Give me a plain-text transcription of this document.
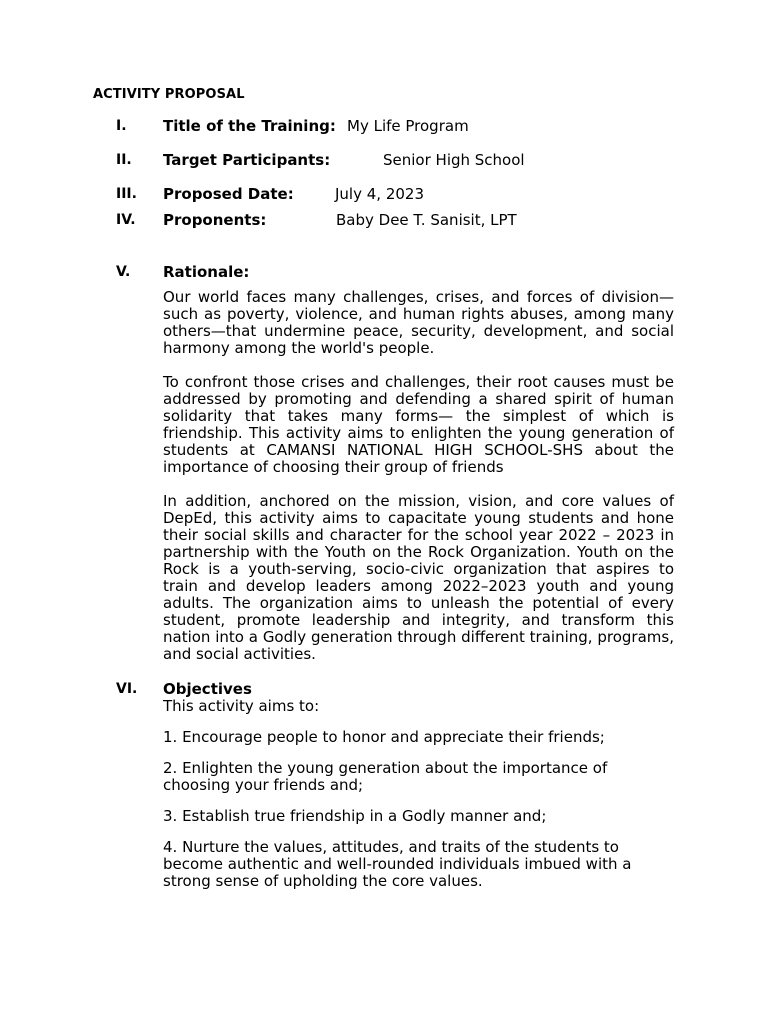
ACTIVITY PROPOSAL
I. Title of the Training: My Life Program
II. Target Participants:	Senior High School
III. Proposed Date:	July 4, 2023
IV. Proponents:	Baby Dee T. Sanisit, LPT
V. Rationale:

Our world faces many challenges, crises, and forces of division—such as poverty, violence, and human rights abuses, among many others—that undermine peace, security, development, and social harmony among the world's people.

To confront those crises and challenges, their root causes must be addressed by promoting and defending a shared spirit of human solidarity that takes many forms— the simplest of which is friendship. This activity aims to enlighten the young generation of students at CAMANSI NATIONAL HIGH SCHOOL-SHS about the importance of choosing their group of friends

In addition, anchored on the mission, vision, and core values of DepEd, this activity aims to capacitate young students and hone their social skills and character for the school year 2022 – 2023 in partnership with the Youth on the Rock Organization. Youth on the Rock is a youth-serving, socio-civic organization that aspires to train and develop leaders among 2022–2023 youth and young adults. The organization aims to unleash the potential of every student, promote leadership and integrity, and transform this nation into a Godly generation through different training, programs, and social activities.

VI. Objectives
This activity aims to:

1. Encourage people to honor and appreciate their friends;

2. Enlighten the young generation about the importance of choosing your friends and;

3. Establish true friendship in a Godly manner and;

4. Nurture the values, attitudes, and traits of the students to become authentic and well-rounded individuals imbued with a strong sense of upholding the core values.
